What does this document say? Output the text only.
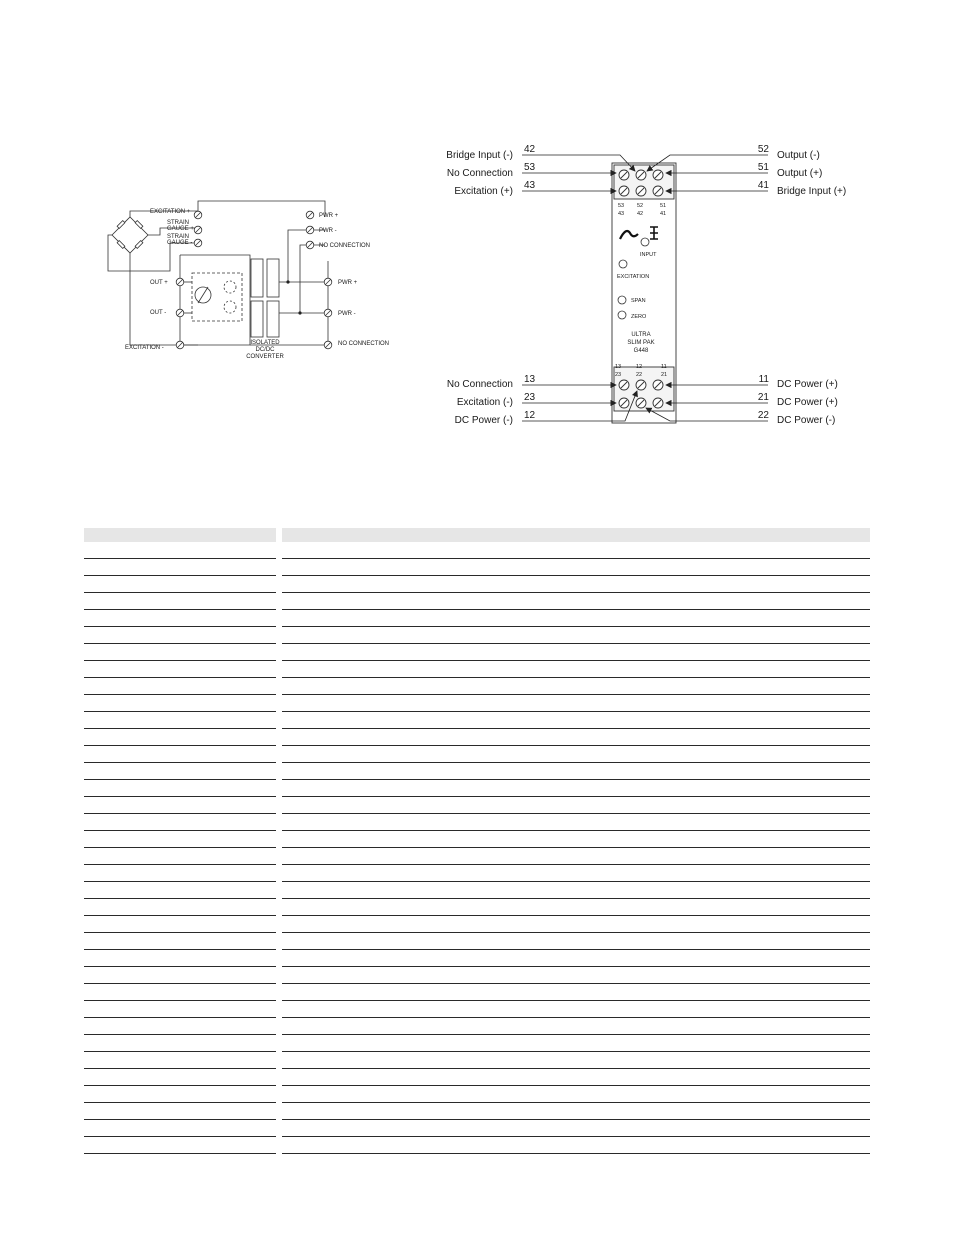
EXCITATION +
STRAIN
GAUGE +
STRAIN
GAUGE -
OUT +
OUT -
EXCITATION -
PWR +
PWR -
NO CONNECTION
PWR +
PWR -
NO CONNECTION
ISOLATED
DC/DC
CONVERTER
53 52	51
43 42	41
INPUT
EXCITATION
SPAN
ZERO
ULTRA
SLIM PAK
G448
13	12	11
23	22	21
Bridge Input (-)
42
No Connection
53
Excitation (+)
43
Output (-)
52
Output (+)
51
Bridge Input (+)
41
No Connection 13
Excitation (-) 23
DC Power (-) 12
DC Power (+)
11
DC Power (+)
21
DC Power (-)
22
